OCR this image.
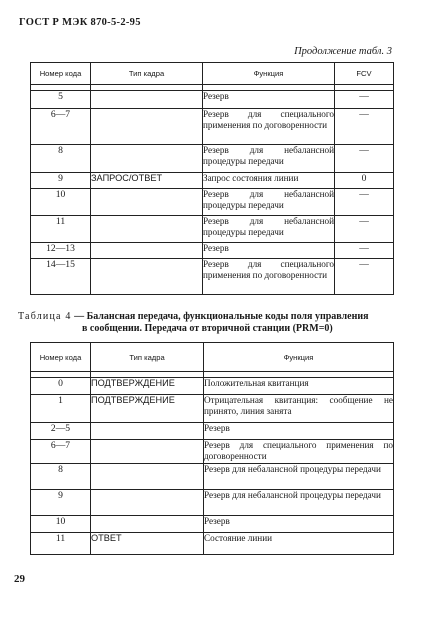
ГОСТ Р МЭК 870-5-2-95
Продолжение табл. 3
Номер кода	Тип кадра	Функция	FCV

5		Резерв	—
6—7		Резерв для специального применения по договоренности	—
8		Резерв для небалансной процедуры передачи	—
9	ЗАПРОС/ОТВЕТ	Запрос состояния линии	0
10		Резерв для небалансной процедуры передачи	—
11		Резерв для небалансной процедуры передачи	—
12—13		Резерв	—
14—15		Резерв для специального применения по договоренности	—
Таблица 4 — Балансная передача, функциональные коды поля управления
в сообщении. Передача от вторичной станции (PRM=0)
Номер кода	Тип кадра	Функция

0	ПОДТВЕРЖДЕНИЕ	Положительная квитанция
1	ПОДТВЕРЖДЕНИЕ	Отрицательная квитанция: сообщение не принято, линия занята
2—5		Резерв
6—7		Резерв для специального применения по договоренности
8		Резерв для небалансной процедуры передачи
9		Резерв для небалансной процедуры передачи
10		Резерв
11	ОТВЕТ	Состояние линии
29
